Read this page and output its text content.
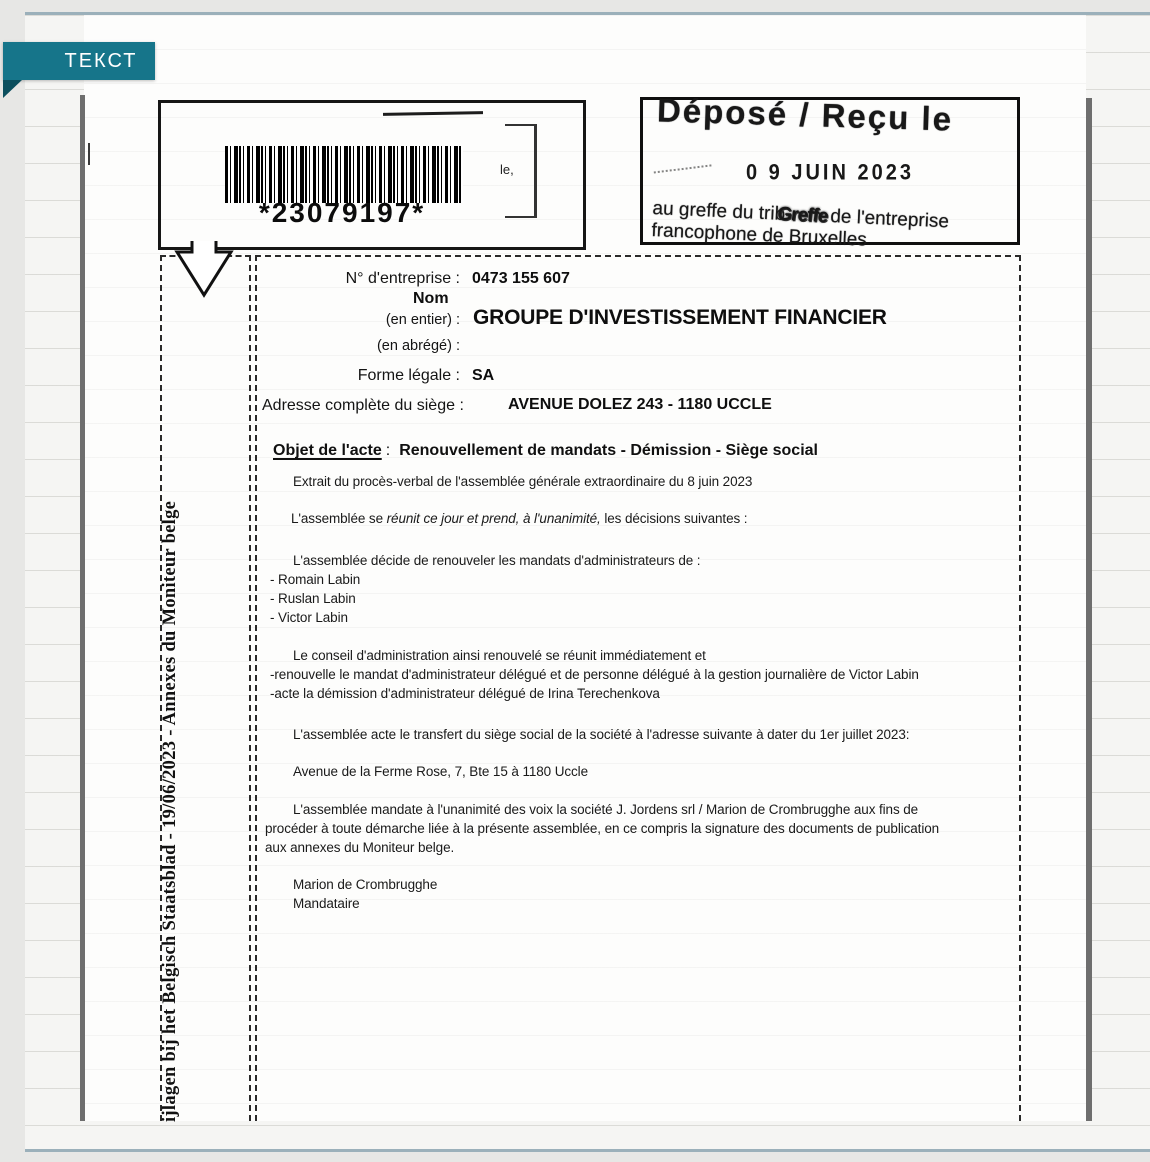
*23079197*
le,
Déposé / Reçu le
0 9 JUIN 2023
au greffe du tribGreffe de l'entreprise
francophone de Bruxelles
ijlagen bij het Belgisch Staatsblad - 19/06/2023 - Annexes du Moniteur belge
N° d'entreprise : 0473 155 607
Nom
(en entier) : GROUPE D'INVESTISSEMENT FINANCIER
(en abrégé) :
Forme légale : SA
Adresse complète du siège :	AVENUE DOLEZ 243 - 1180 UCCLE
Objet de l'acte : Renouvellement de mandats - Démission - Siège social
Extrait du procès-verbal de l'assemblée générale extraordinaire du 8 juin 2023
L'assemblée se réunit ce jour et prend, à l'unanimité, les décisions suivantes :
L'assemblée décide de renouveler les mandats d'administrateurs de :
- Romain Labin
- Ruslan Labin
- Victor Labin
Le conseil d'administration ainsi renouvelé se réunit immédiatement et
-renouvelle le mandat d'administrateur délégué et de personne délégué à la gestion journalière de Victor Labin
-acte la démission d'administrateur délégué de Irina Terechenkova
L'assemblée acte le transfert du siège social de la société à l'adresse suivante à dater du 1er juillet 2023:
Avenue de la Ferme Rose, 7, Bte 15 à 1180 Uccle
L'assemblée mandate à l'unanimité des voix la société J. Jordens srl / Marion de Crombrugghe aux fins de
procéder à toute démarche liée à la présente assemblée, en ce compris la signature des documents de publication
aux annexes du Moniteur belge.
Marion de Crombrugghe
Mandataire
ТЕКСТ
